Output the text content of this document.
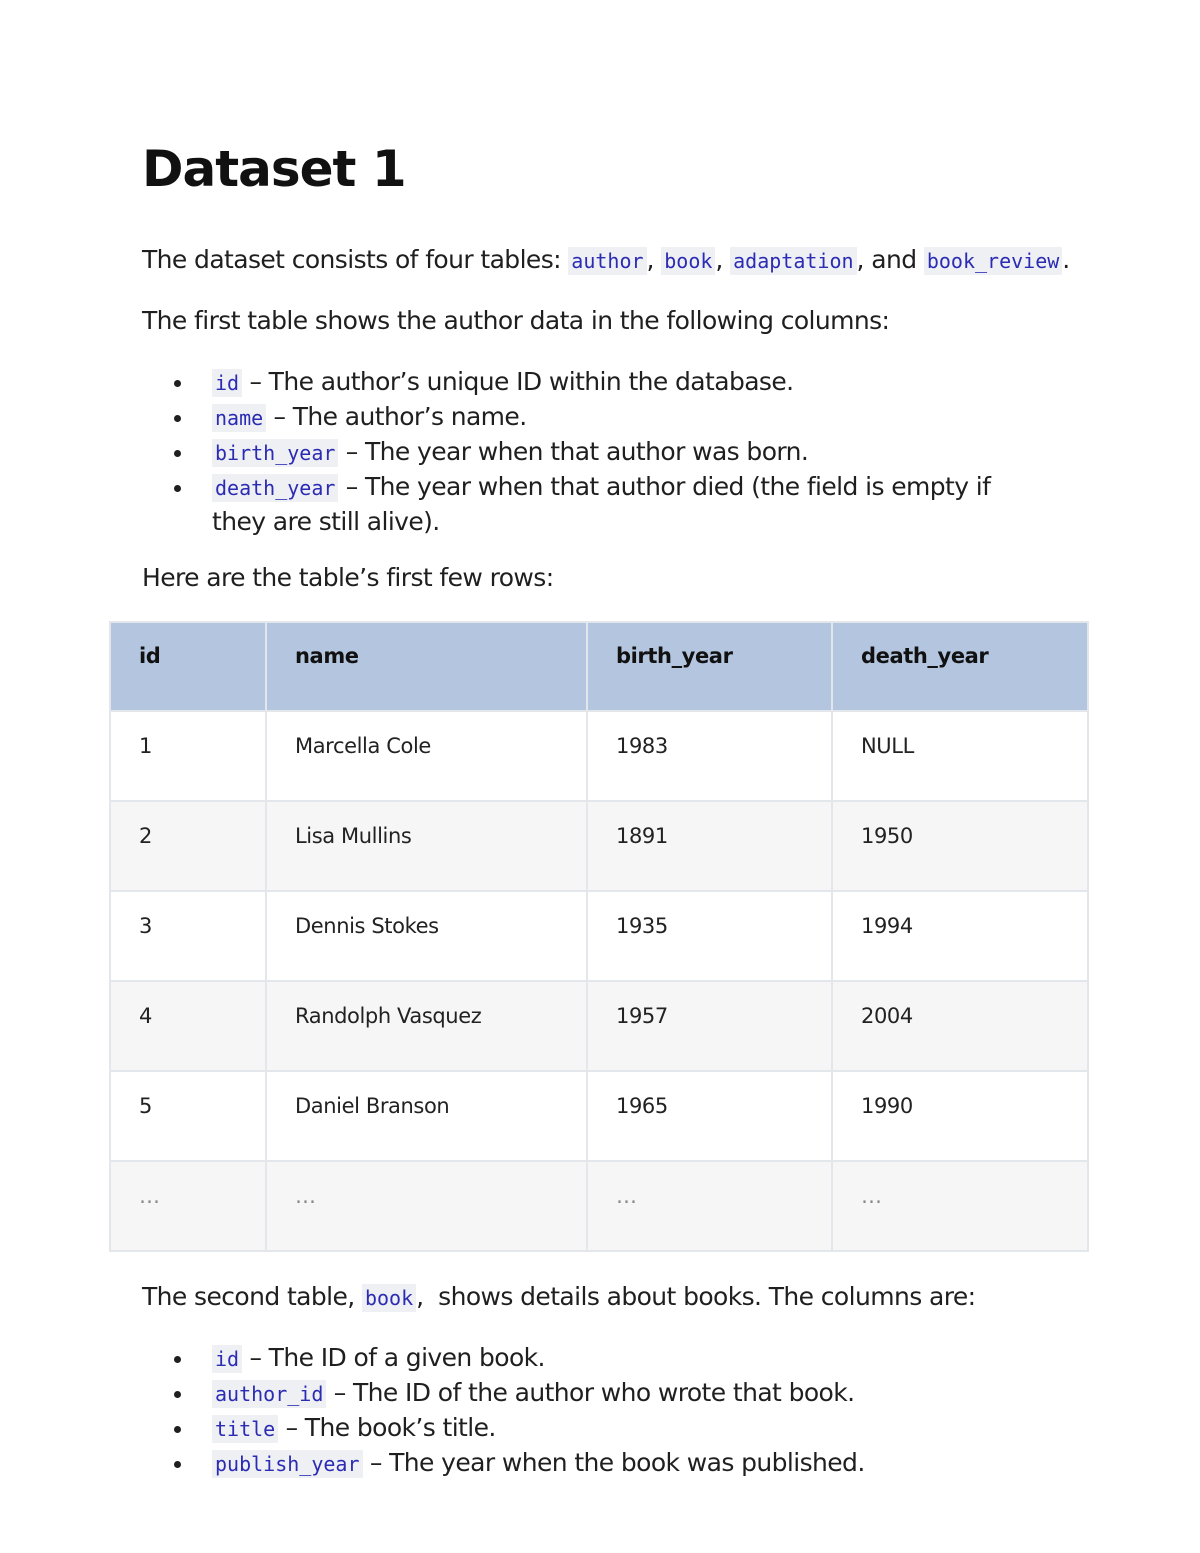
Dataset 1

The dataset consists of four tables: author , book , adaptation , and book_review .

The first table shows the author data in the following columns:

id – The author’s unique ID within the database.
name – The author’s name.
birth_year – The year when that author was born.
death_year – The year when that author died (the field is empty if they are still alive).

Here are the table’s first few rows:

id	name	birth_year	death_year
1	Marcella Cole	1983	NULL
2	Lisa Mullins	1891	1950
3	Dennis Stokes	1935	1994
4	Randolph Vasquez	1957	2004
5	Daniel Branson	1965	1990
…	…	…	…

The second table, book ,  shows details about books. The columns are:

id – The ID of a given book.
author_id – The ID of the author who wrote that book.
title – The book’s title.
publish_year – The year when the book was published.
